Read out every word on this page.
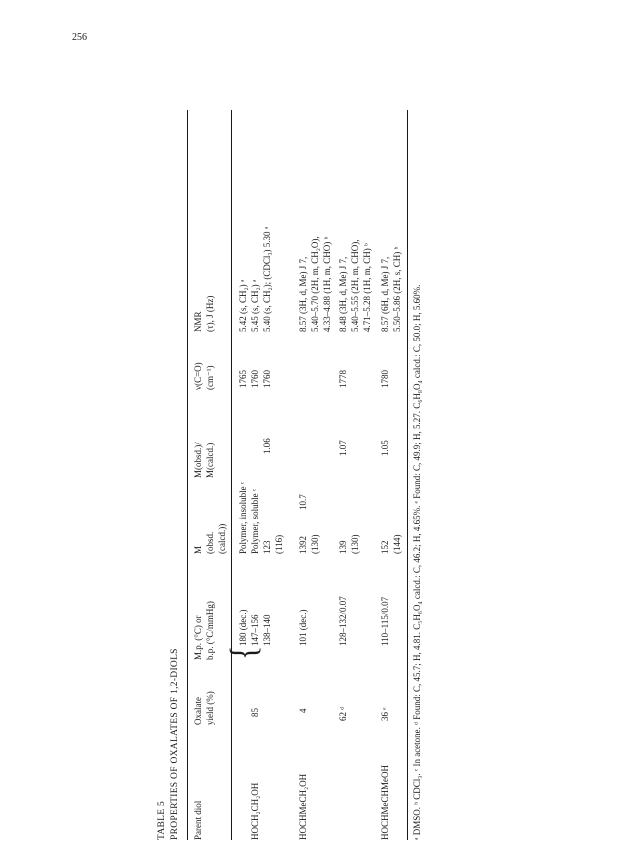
256
TABLE 5 PROPERTIES OF OXALATES OF 1,2-DIOLS Parent diol
Oxalate yield (%)
M.p. (°C) or b.p. (°C/mmHg)
M (obsd. (calcd.))
M(obsd.)/ M(calcd.)
ν(C=O) (cm⁻¹)
NMR (τ), J (Hz)
HOCH₂CH₂OH
85
{
180 (dec.) 147–156 138–140
Polymer, insoluble ᶜ Polymer, soluble ᶜ 123 (116)
1.06
1765 1760 1760
5.42 (s, CH₂) ᵃ 5.45 (s, CH₂) ᵃ 5.40 (s, CH₂); (CDCl₃) 5.30 ᵃ
HOCHMeCH₂OH
4
101 (dec.)
1392 (130)
10.7
8.57 (3H, d, Me) J 7, 5.40–5.70 (2H, m, CH₂O), 4.33–4.88 (1H, m, CHO) ᵇ
62 ᵈ
128–132/0.07
139 (130)
1.07
1778
8.48 (3H, d, Me) J 7, 5.40–5.55 (2H, m, CHO), 4.71–5.28 (1H, m, CH) ᵇ
HOCHMeCHMeOH
36 ᵉ
110–115/0.07
152 (144)
1.05
1780
8.57 (6H, d, Me) J 7, 5.50–5.86 (2H, s, CH) ᵇ ᵃ DMSO. ᵇ CDCl₃. ᶜ In acetone. ᵈ Found: C, 45.7; H, 4.81. C₅H₆O₄ calcd.: C, 46.2; H, 4.65%. ᵉ Found: C, 49.9; H, 5.27. C₆H₈O₄ calcd.: C, 50.0; H, 5.60%.
